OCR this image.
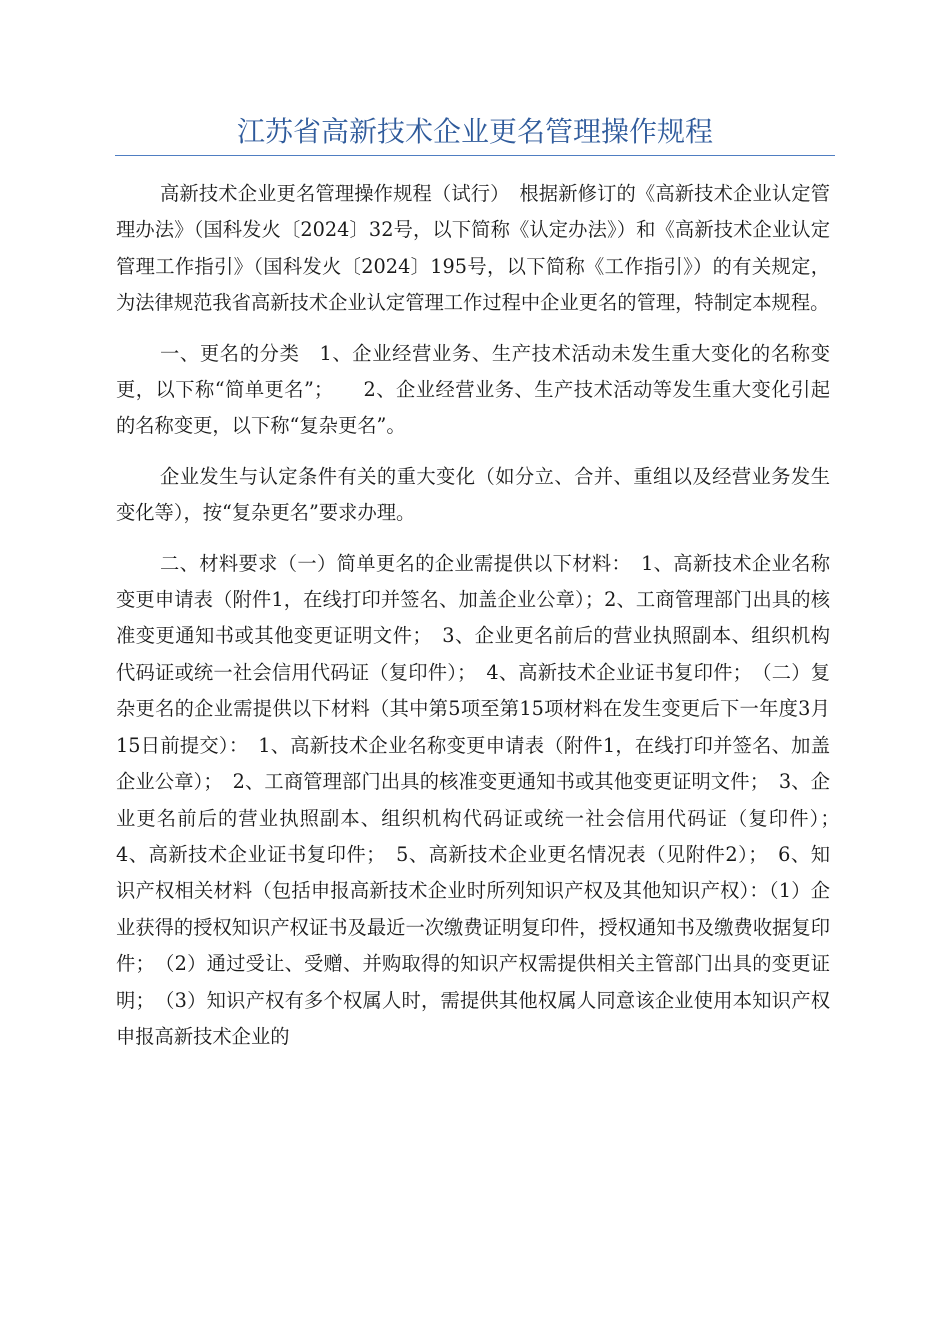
江苏省高新技术企业更名管理操作规程

高新技术企业更名管理操作规程（试行）　根据新修订的《高新技术企业认定管理办法》（国科发火〔2024〕32号，以下简称《认定办法》）和《高新技术企业认定管理工作指引》（国科发火〔2024〕195号，以下简称《工作指引》）的有关规定，为法律规范我省高新技术企业认定管理工作过程中企业更名的管理，特制定本规程。

一、更名的分类　1、企业经营业务、生产技术活动未发生重大变化的名称变更，以下称“简单更名”；　　2、企业经营业务、生产技术活动等发生重大变化引起的名称变更，以下称“复杂更名”。

企业发生与认定条件有关的重大变化（如分立、合并、重组以及经营业务发生变化等），按“复杂更名”要求办理。

二、材料要求（一）简单更名的企业需提供以下材料：　1、高新技术企业名称变更申请表（附件1，在线打印并签名、加盖企业公章）；2、工商管理部门出具的核准变更通知书或其他变更证明文件；　3、企业更名前后的营业执照副本、组织机构代码证或统一社会信用代码证（复印件）；　4、高新技术企业证书复印件；　（二）复杂更名的企业需提供以下材料（其中第5项至第15项材料在发生变更后下一年度3月15日前提交）：　1、高新技术企业名称变更申请表（附件1，在线打印并签名、加盖企业公章）；　2、工商管理部门出具的核准变更通知书或其他变更证明文件；　3、企业更名前后的营业执照副本、组织机构代码证或统一社会信用代码证（复印件）；　4、高新技术企业证书复印件；　5、高新技术企业更名情况表（见附件2）；　6、知识产权相关材料（包括申报高新技术企业时所列知识产权及其他知识产权）：（1）企业获得的授权知识产权证书及最近一次缴费证明复印件，授权通知书及缴费收据复印件；　（2）通过受让、受赠、并购取得的知识产权需提供相关主管部门出具的变更证明；　（3）知识产权有多个权属人时，需提供其他权属人同意该企业使用本知识产权申报高新技术企业的
